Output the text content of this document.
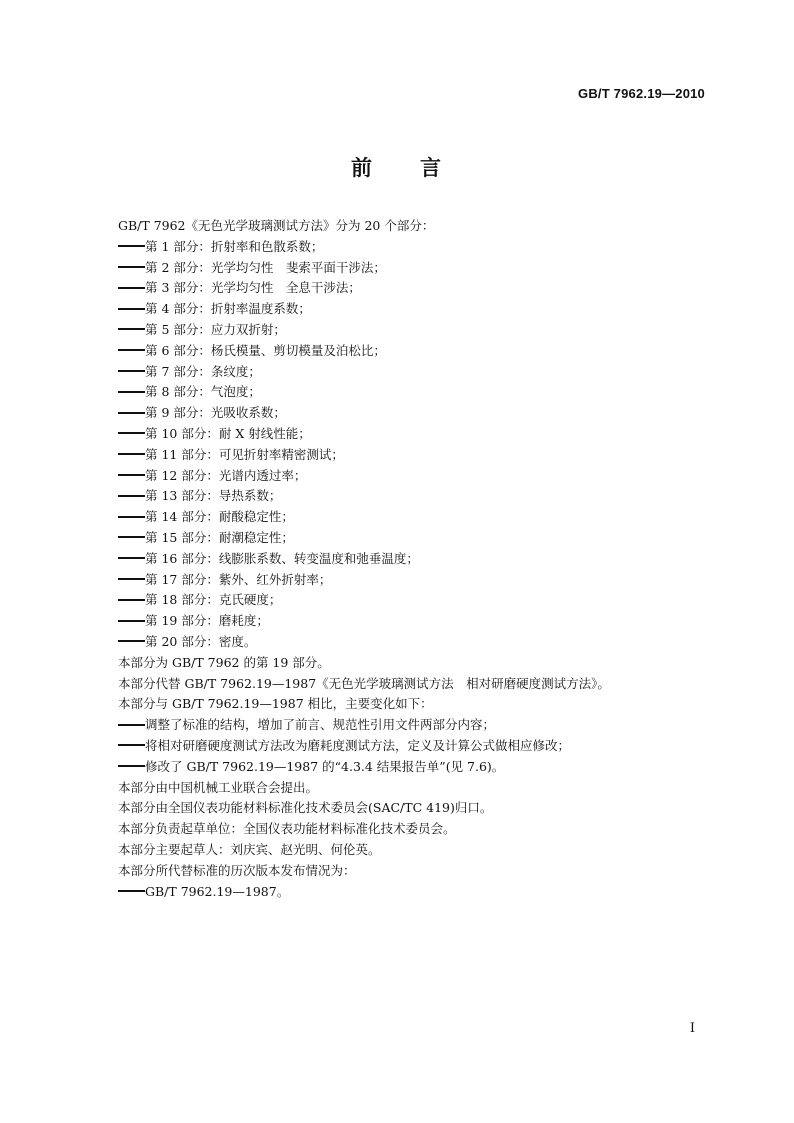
GB/T 7962.19—2010
前　　言
GB/T 7962《无色光学玻璃测试方法》分为 20 个部分：
第 1 部分：折射率和色散系数；
第 2 部分：光学均匀性　斐索平面干涉法；
第 3 部分：光学均匀性　全息干涉法；
第 4 部分：折射率温度系数；
第 5 部分：应力双折射；
第 6 部分：杨氏模量、剪切模量及泊松比；
第 7 部分：条纹度；
第 8 部分：气泡度；
第 9 部分：光吸收系数；
第 10 部分：耐 X 射线性能；
第 11 部分：可见折射率精密测试；
第 12 部分：光谱内透过率；
第 13 部分：导热系数；
第 14 部分：耐酸稳定性；
第 15 部分：耐潮稳定性；
第 16 部分：线膨胀系数、转变温度和弛垂温度；
第 17 部分：紫外、红外折射率；
第 18 部分：克氏硬度；
第 19 部分：磨耗度；
第 20 部分：密度。
本部分为 GB/T 7962 的第 19 部分。
本部分代替 GB/T 7962.19—1987《无色光学玻璃测试方法　相对研磨硬度测试方法》。
本部分与 GB/T 7962.19—1987 相比，主要变化如下：
调整了标准的结构，增加了前言、规范性引用文件两部分内容；
将相对研磨硬度测试方法改为磨耗度测试方法，定义及计算公式做相应修改；
修改了 GB/T 7962.19—1987 的“4.3.4 结果报告单”(见 7.6)。
本部分由中国机械工业联合会提出。
本部分由全国仪表功能材料标准化技术委员会(SAC/TC 419)归口。
本部分负责起草单位：全国仪表功能材料标准化技术委员会。
本部分主要起草人：刘庆宾、赵光明、何伦英。
本部分所代替标准的历次版本发布情况为：
GB/T 7962.19—1987。
I
